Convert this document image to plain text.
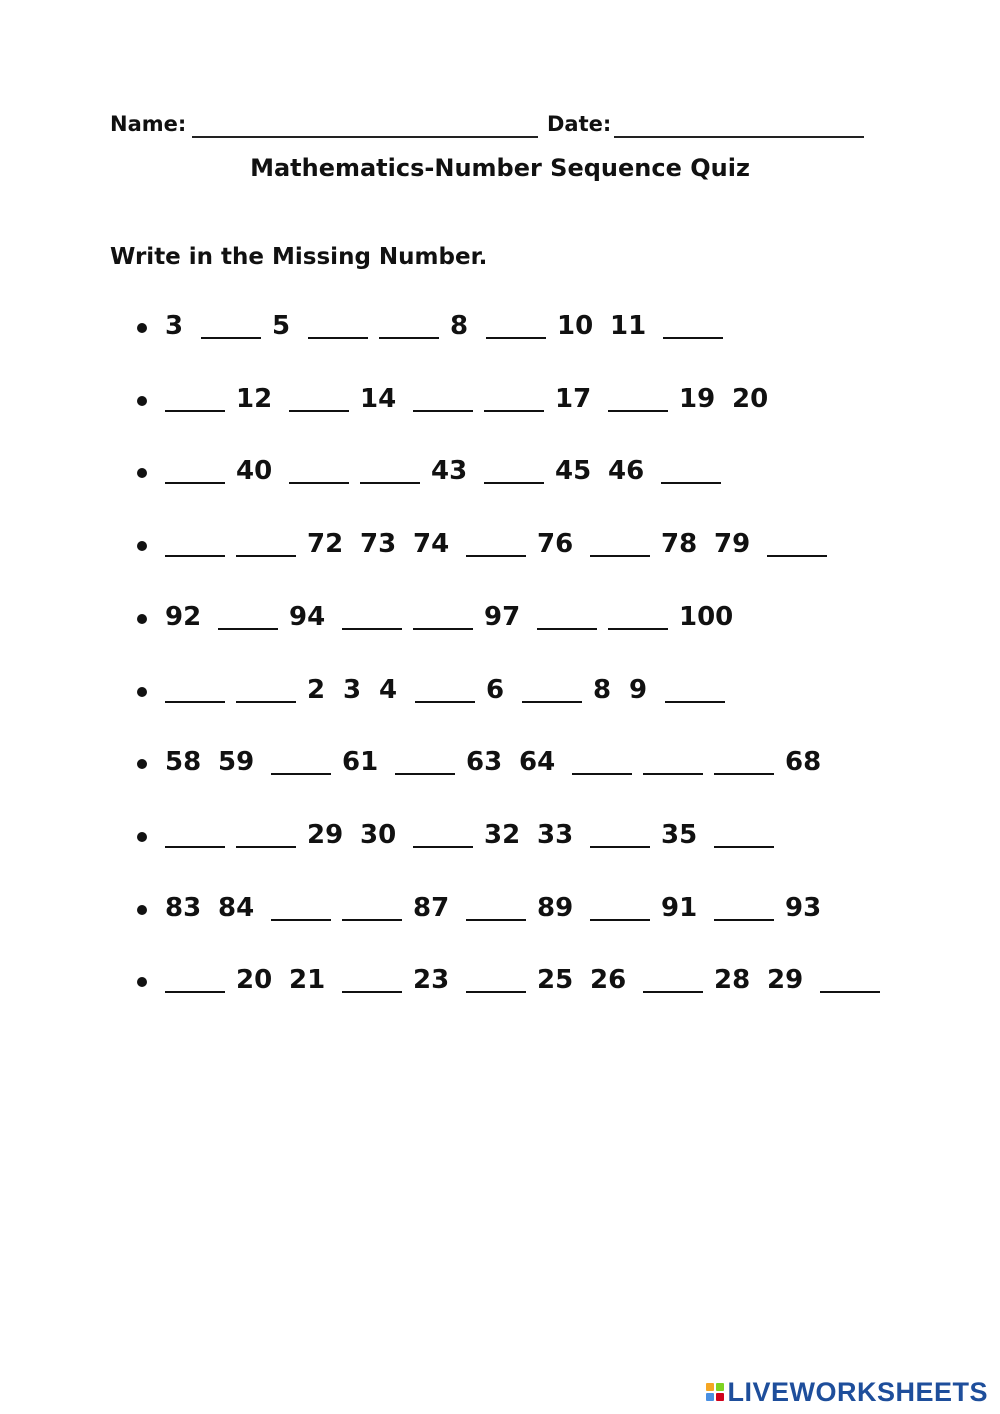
Name:	Date:
Mathematics-Number Sequence Quiz
Write in the Missing Number.
3	5	8	10 11
12	14	17	19 20
40	43	45 46
72 73 74	76	78 79
92	94	97	100
2 3 4	6	8 9
58 59	61	63 64	68
29 30	32 33	35
83 84	87	89	91	93
20 21	23	25 26	28 29
LIVEWORKSHEETS
